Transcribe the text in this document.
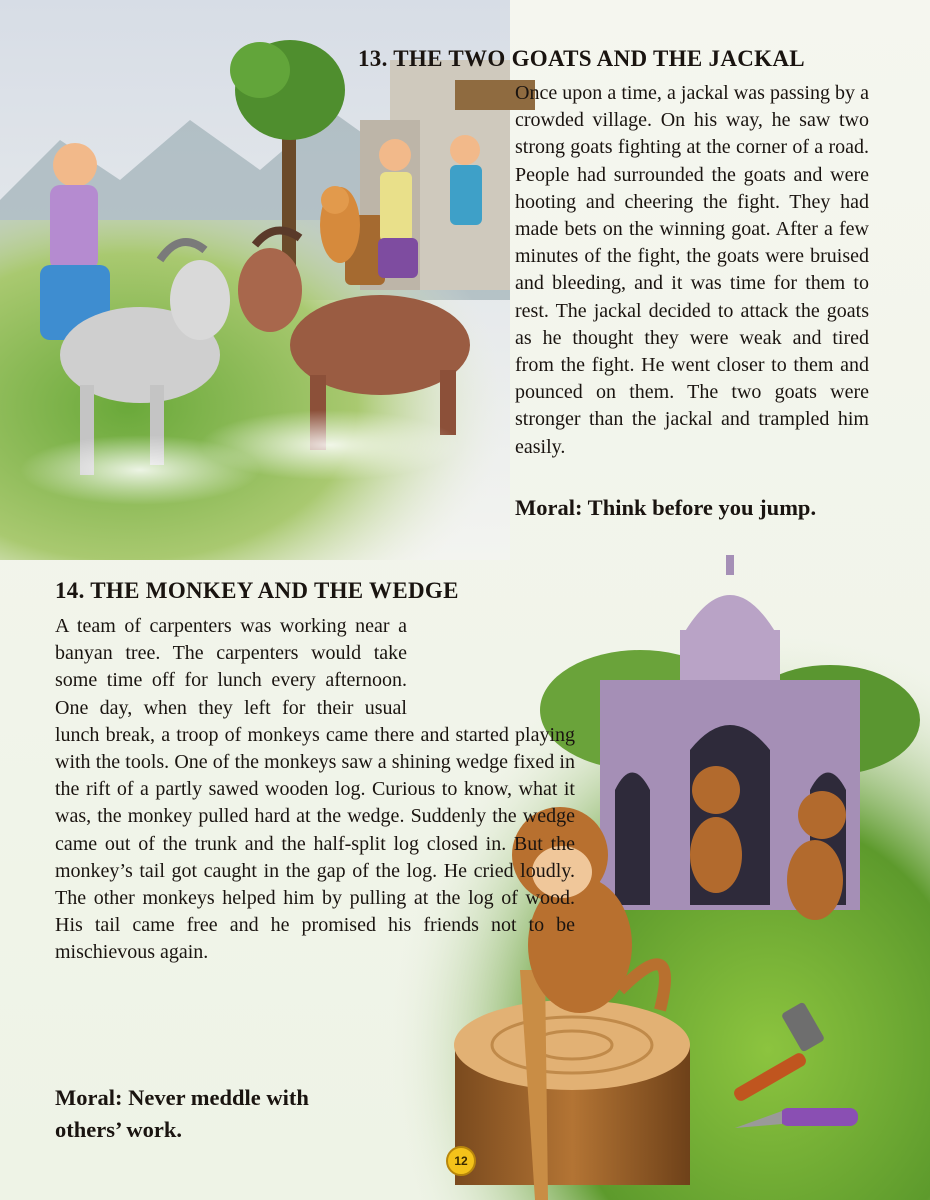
13. THE TWO GOATS AND THE JACKAL

Once upon a time, a jackal was passing by a crowded village. On his way, he saw two strong goats fighting at the corner of a road. People had surrounded the goats and were hooting and cheering the fight. They had made bets on the winning goat. After a few minutes of the fight, the goats were bruised and bleeding, and it was time for them to rest. The jackal decided to attack the goats as he thought they were weak and tired from the fight. He went closer to them and pounced on them. The two goats were stronger than the jackal and trampled him easily.

Moral: Think before you jump.

14. THE MONKEY AND THE WEDGE
A team of carpenters was working near a banyan tree. The carpenters would take some time off for lunch every afternoon. One day, when they left for their usual lunch break, a troop of monkeys came there and started playing with the tools. One of the monkeys saw a shining wedge fixed in the rift of a partly sawed wooden log. Curious to know, what it was, the monkey pulled hard at the wedge. Suddenly the wedge came out of the trunk and the half-split log closed in. But the monkey’s tail got caught in the gap of the log. He cried loudly. The other monkeys helped him by pulling at the log of wood. His tail came free and he promised his friends not to be mischievous again.

Moral: Never meddle with others’ work.

12
